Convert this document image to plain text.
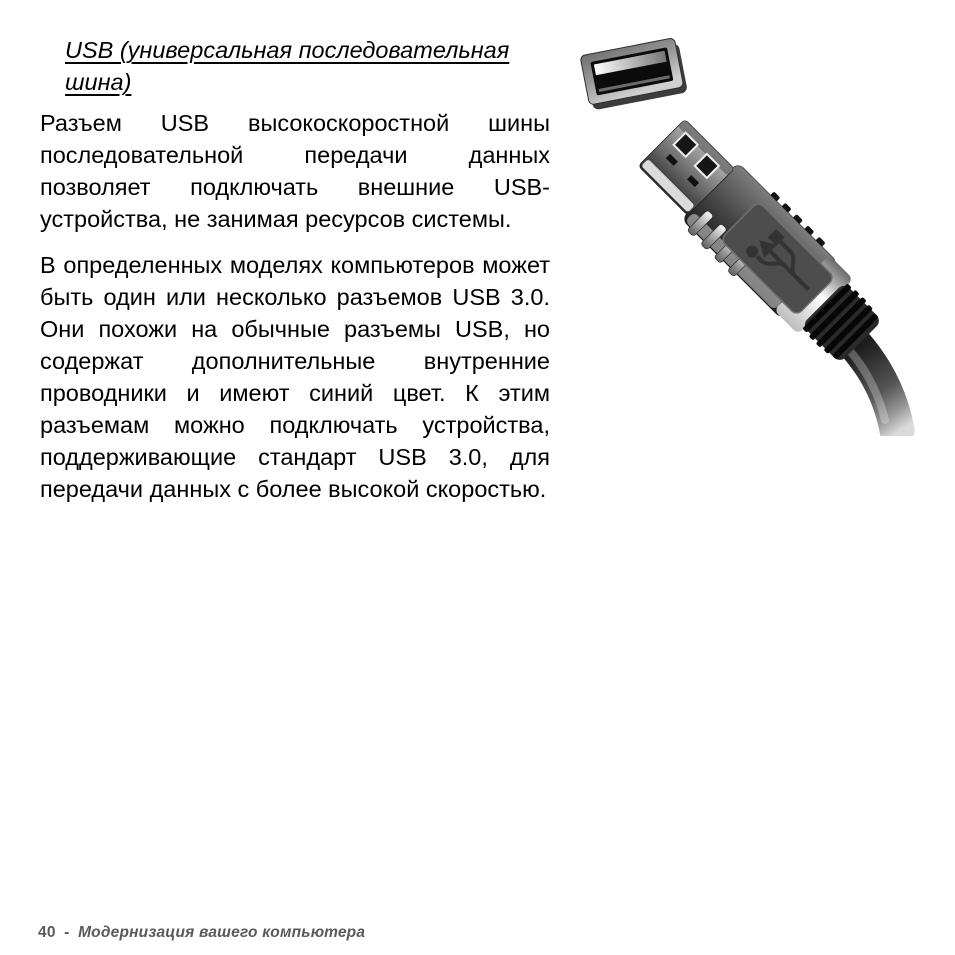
USB (универсальная последовательная
шина)

Разъем USB высокоскоростной шины последовательной передачи данных позволяет подключать внешние USB-устройства, не занимая ресурсов системы.

В определенных моделях компьютеров может быть один или несколько разъемов USB 3.0. Они похожи на обычные разъемы USB, но содержат дополнительные внутренние проводники и имеют синий цвет. К этим разъемам можно подключать устройства, поддерживающие стандарт USB 3.0, для передачи данных с более высокой скоростью.

40 - Модернизация вашего компьютера
